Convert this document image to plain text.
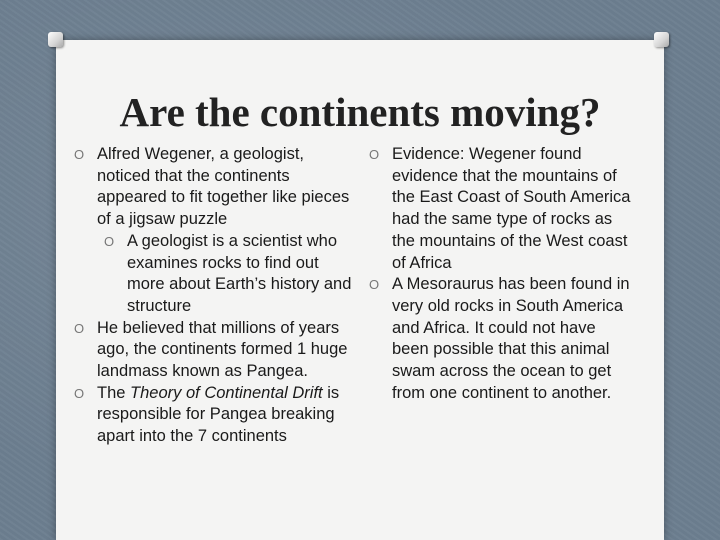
Are the continents moving?
O Alfred Wegener, a geologist, noticed that the continents appeared to fit together like pieces of a jigsaw puzzle
O A geologist is a scientist who examines rocks to find out more about Earth’s history and structure
O He believed that millions of years ago, the continents formed 1 huge landmass known as Pangea.
O The Theory of Continental Drift is responsible for Pangea breaking apart into the 7 continents
O Evidence: Wegener found evidence that the mountains of the East Coast of South America had the same type of rocks as the mountains of the West coast of Africa
O A Mesoraurus has been found in very old rocks in South America and Africa. It could not have been possible that this animal swam across the ocean to get from one continent to another.
